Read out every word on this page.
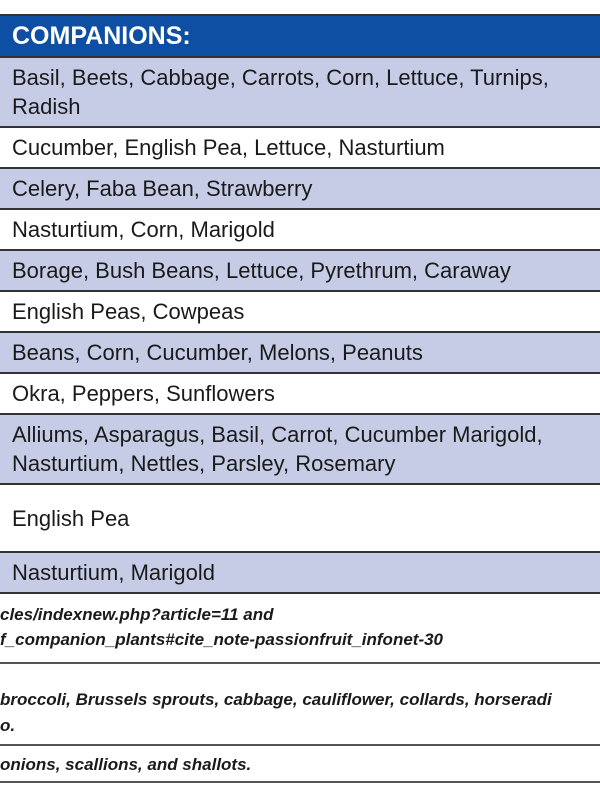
COMPANIONS:
Basil, Beets, Cabbage, Carrots, Corn, Lettuce, Turnips, Radish
Cucumber, English Pea, Lettuce, Nasturtium
Celery, Faba Bean, Strawberry
Nasturtium, Corn, Marigold
Borage, Bush Beans, Lettuce, Pyrethrum, Caraway
English Peas, Cowpeas
Beans, Corn, Cucumber, Melons, Peanuts
Okra, Peppers, Sunflowers
Alliums, Asparagus, Basil, Carrot, Cucumber Marigold, Nasturtium, Nettles, Parsley, Rosemary
English Pea
Nasturtium, Marigold
cles/indexnew.php?article=11 and
f_companion_plants#cite_note-passionfruit_infonet-30
broccoli, Brussels sprouts, cabbage, cauliflower, collards, horseradi
o.
onions, scallions, and shallots.
